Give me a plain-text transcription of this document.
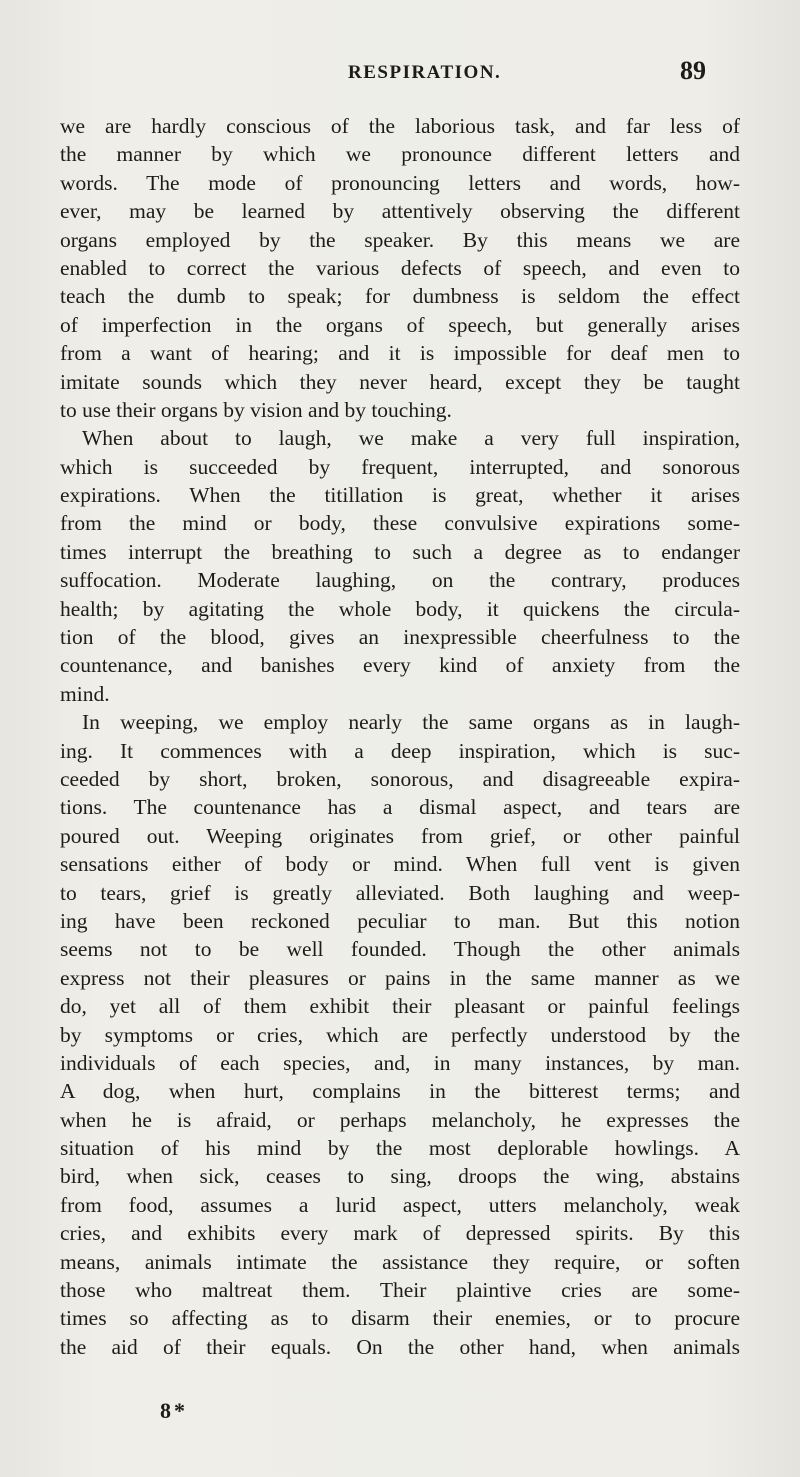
RESPIRATION.	89
we are hardly conscious of the laborious task, and far less of
the manner by which we pronounce different letters and
words. The mode of pronouncing letters and words, how-
ever, may be learned by attentively observing the different
organs employed by the speaker. By this means we are
enabled to correct the various defects of speech, and even to
teach the dumb to speak; for dumbness is seldom the effect
of imperfection in the organs of speech, but generally arises
from a want of hearing; and it is impossible for deaf men to
imitate sounds which they never heard, except they be taught
to use their organs by vision and by touching.
When about to laugh, we make a very full inspiration,
which is succeeded by frequent, interrupted, and sonorous
expirations. When the titillation is great, whether it arises
from the mind or body, these convulsive expirations some-
times interrupt the breathing to such a degree as to endanger
suffocation. Moderate laughing, on the contrary, produces
health; by agitating the whole body, it quickens the circula-
tion of the blood, gives an inexpressible cheerfulness to the
countenance, and banishes every kind of anxiety from the
mind.
In weeping, we employ nearly the same organs as in laugh-
ing. It commences with a deep inspiration, which is suc-
ceeded by short, broken, sonorous, and disagreeable expira-
tions. The countenance has a dismal aspect, and tears are
poured out. Weeping originates from grief, or other painful
sensations either of body or mind. When full vent is given
to tears, grief is greatly alleviated. Both laughing and weep-
ing have been reckoned peculiar to man. But this notion
seems not to be well founded. Though the other animals
express not their pleasures or pains in the same manner as we
do, yet all of them exhibit their pleasant or painful feelings
by symptoms or cries, which are perfectly understood by the
individuals of each species, and, in many instances, by man.
A dog, when hurt, complains in the bitterest terms; and
when he is afraid, or perhaps melancholy, he expresses the
situation of his mind by the most deplorable howlings. A
bird, when sick, ceases to sing, droops the wing, abstains
from food, assumes a lurid aspect, utters melancholy, weak
cries, and exhibits every mark of depressed spirits. By this
means, animals intimate the assistance they require, or soften
those who maltreat them. Their plaintive cries are some-
times so affecting as to disarm their enemies, or to procure
the aid of their equals. On the other hand, when animals
8*
